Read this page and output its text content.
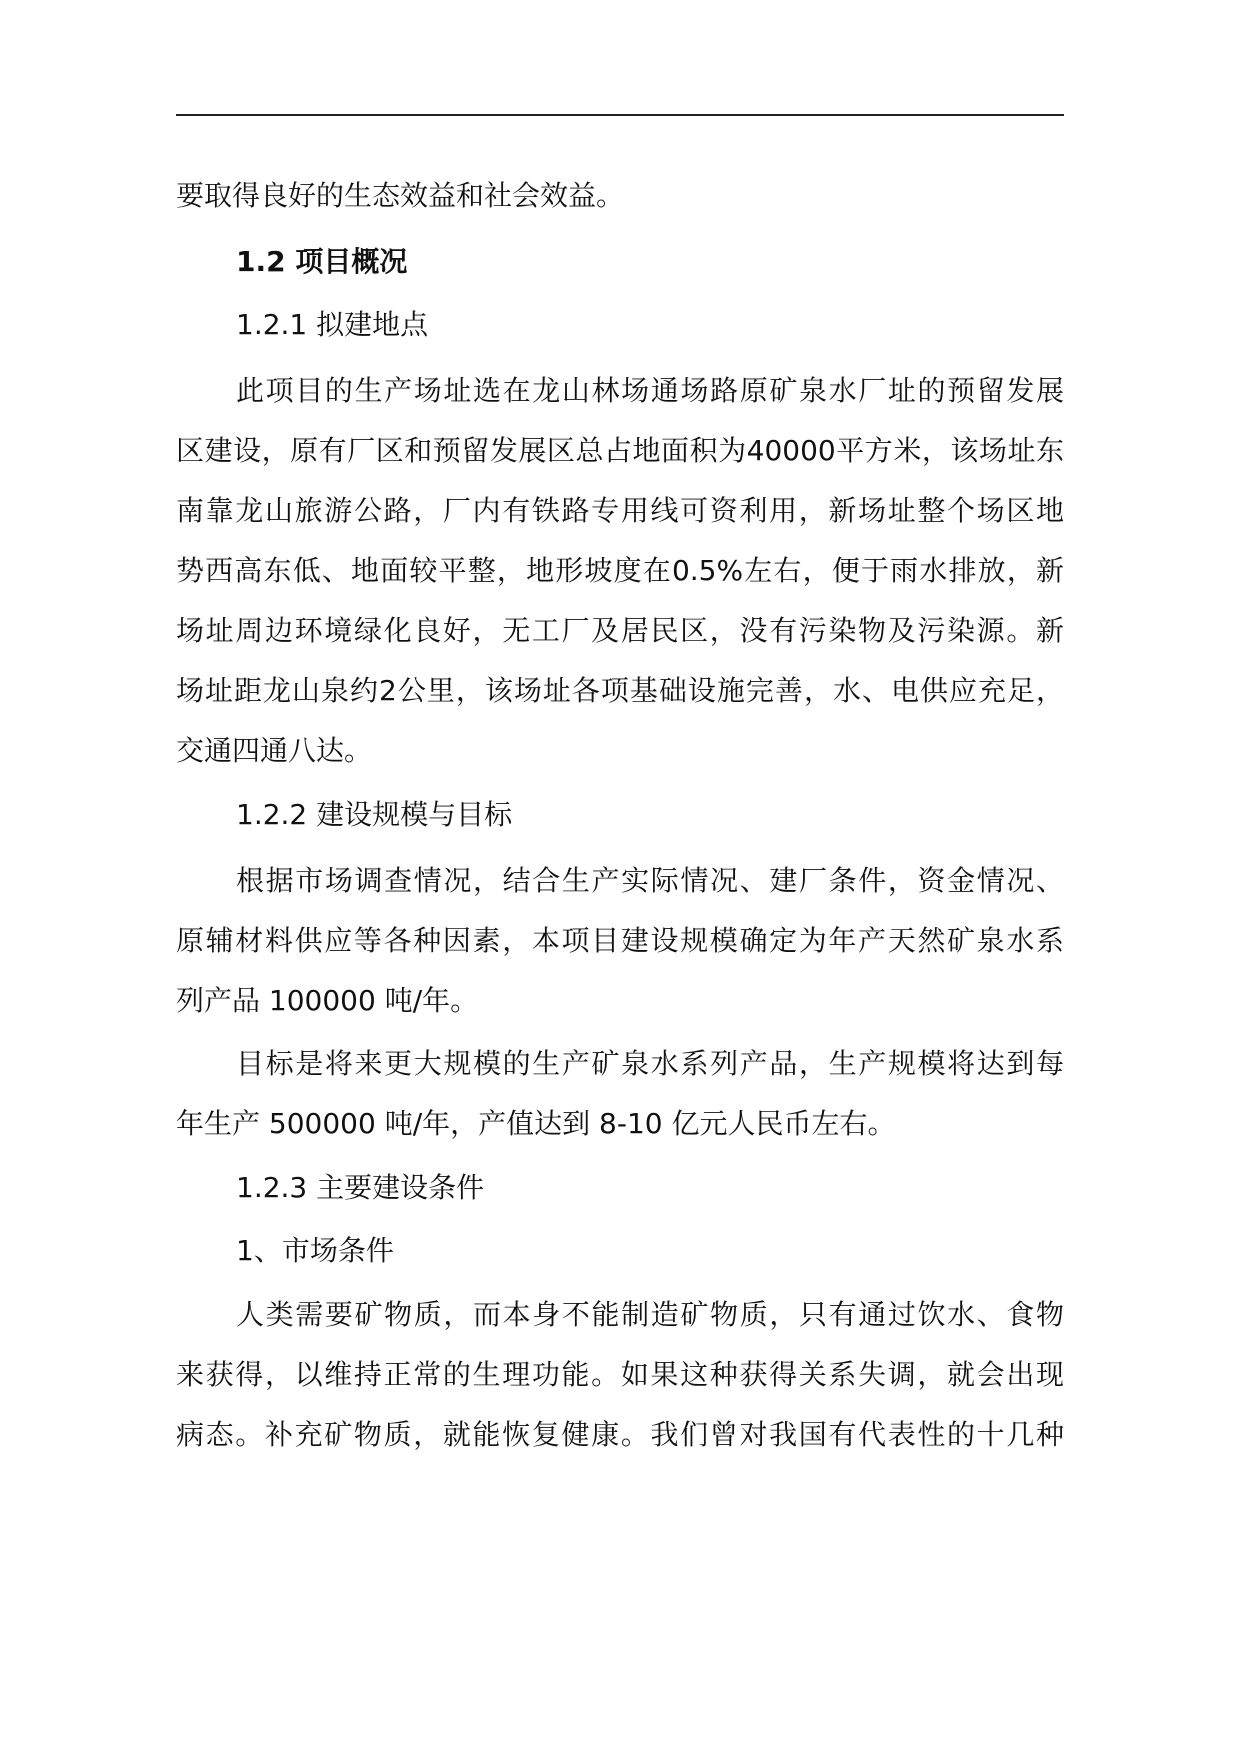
要取得良好的生态效益和社会效益。
1.2 项目概况
1.2.1 拟建地点
此项目的生产场址选在龙山林场通场路原矿泉水厂址的预留发展
区建设，原有厂区和预留发展区总占地面积为40000平方米，该场址东
南靠龙山旅游公路，厂内有铁路专用线可资利用，新场址整个场区地
势西高东低、地面较平整，地形坡度在0.5%左右，便于雨水排放，新
场址周边环境绿化良好，无工厂及居民区，没有污染物及污染源。新
场址距龙山泉约2公里，该场址各项基础设施完善，水、电供应充足，
交通四通八达。
1.2.2 建设规模与目标
根据市场调查情况，结合生产实际情况、建厂条件，资金情况、
原辅材料供应等各种因素，本项目建设规模确定为年产天然矿泉水系
列产品 100000 吨/年。
目标是将来更大规模的生产矿泉水系列产品，生产规模将达到每
年生产 500000 吨/年，产值达到 8-10 亿元人民币左右。
1.2.3 主要建设条件
1、市场条件
人类需要矿物质，而本身不能制造矿物质，只有通过饮水、食物
来获得，以维持正常的生理功能。如果这种获得关系失调，就会出现
病态。补充矿物质，就能恢复健康。我们曾对我国有代表性的十几种
